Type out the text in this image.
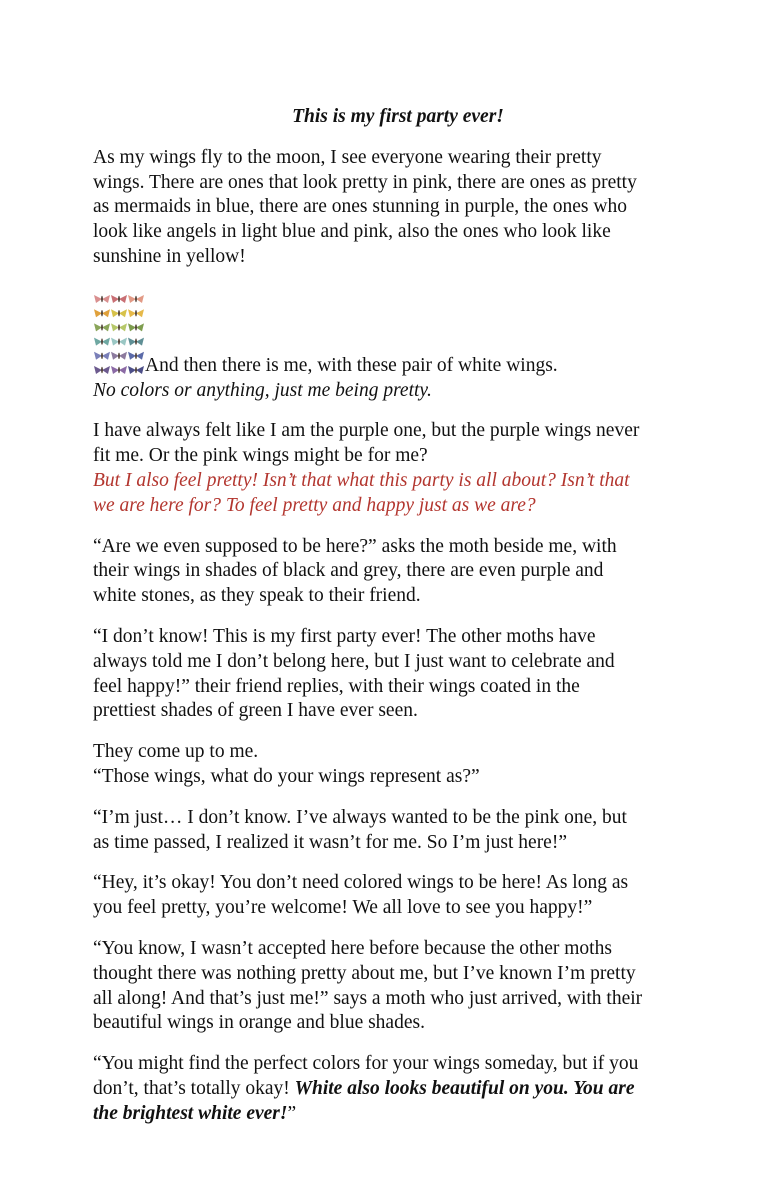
This is my first party ever!

As my wings fly to the moon, I see everyone wearing their pretty
wings. There are ones that look pretty in pink, there are ones as pretty
as mermaids in blue, there are ones stunning in purple, the ones who
look like angels in light blue and pink, also the ones who look like
sunshine in yellow!

And then there is me, with these pair of white wings.
No colors or anything, just me being pretty.

I have always felt like I am the purple one, but the purple wings never
fit me. Or the pink wings might be for me?
But I also feel pretty! Isn’t that what this party is all about? Isn’t that
we are here for? To feel pretty and happy just as we are?

“Are we even supposed to be here?” asks the moth beside me, with
their wings in shades of black and grey, there are even purple and
white stones, as they speak to their friend.

“I don’t know! This is my first party ever! The other moths have
always told me I don’t belong here, but I just want to celebrate and
feel happy!” their friend replies, with their wings coated in the
prettiest shades of green I have ever seen.

They come up to me.
“Those wings, what do your wings represent as?”

“I’m just… I don’t know. I’ve always wanted to be the pink one, but
as time passed, I realized it wasn’t for me. So I’m just here!”

“Hey, it’s okay! You don’t need colored wings to be here! As long as
you feel pretty, you’re welcome! We all love to see you happy!”

“You know, I wasn’t accepted here before because the other moths
thought there was nothing pretty about me, but I’ve known I’m pretty
all along! And that’s just me!” says a moth who just arrived, with their
beautiful wings in orange and blue shades.

“You might find the perfect colors for your wings someday, but if you
don’t, that’s totally okay! White also looks beautiful on you. You are
the brightest white ever!”
